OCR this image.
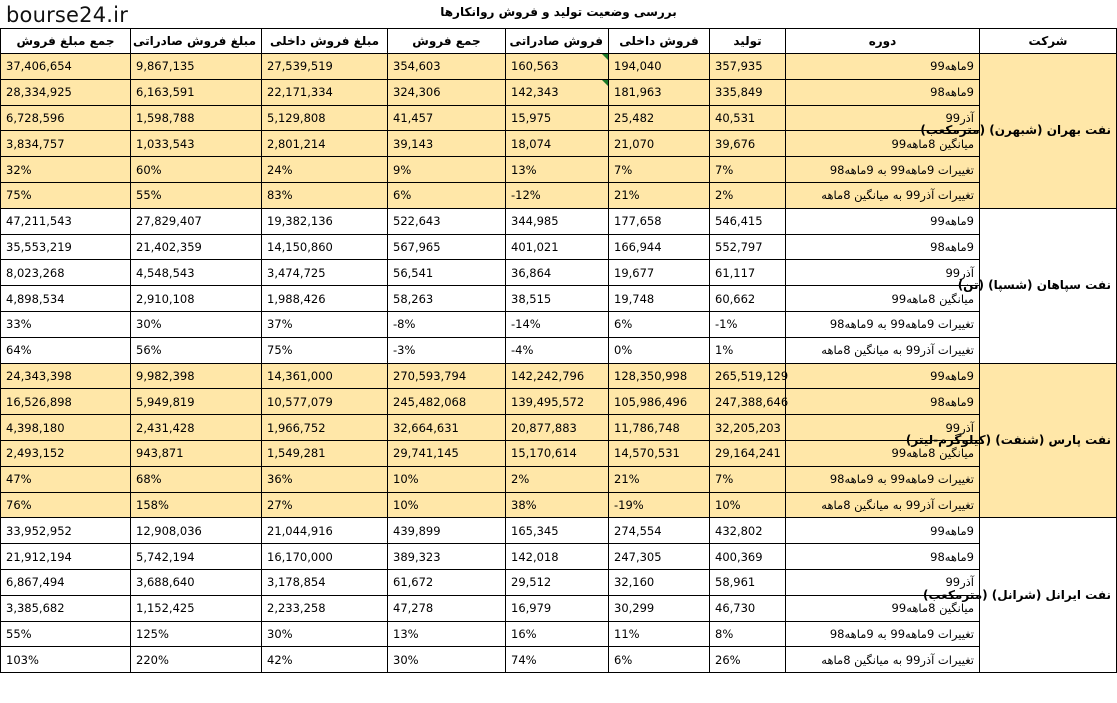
bourse24.ir	بررسی وضعیت تولید و فروش روانکارها
شرکت	دوره	تولید	فروش داخلی	فروش صادراتی	جمع فروش	مبلغ فروش داخلی	مبلغ فروش صادراتی	جمع مبلغ فروش
نفت بهران (شبهرن) (مترمکعب)	9ماهه99	357,935	194,040	160,563	354,603	27,539,519	9,867,135	37,406,654
	9ماهه98	335,849	181,963	142,343	324,306	22,171,334	6,163,591	28,334,925
	آذر99	40,531	25,482	15,975	41,457	5,129,808	1,598,788	6,728,596
	میانگین 8ماهه99	39,676	21,070	18,074	39,143	2,801,214	1,033,543	3,834,757
	تغییرات 9ماهه99 به 9ماهه98	7%	7%	13%	9%	24%	60%	32%
	تغییرات آذر99 به میانگین 8ماهه	2%	21%	-12%	6%	83%	55%	75%
نفت سپاهان (شسپا) (تن)	9ماهه99	546,415	177,658	344,985	522,643	19,382,136	27,829,407	47,211,543
	9ماهه98	552,797	166,944	401,021	567,965	14,150,860	21,402,359	35,553,219
	آذر99	61,117	19,677	36,864	56,541	3,474,725	4,548,543	8,023,268
	میانگین 8ماهه99	60,662	19,748	38,515	58,263	1,988,426	2,910,108	4,898,534
	تغییرات 9ماهه99 به 9ماهه98	-1%	6%	-14%	-8%	37%	30%	33%
	تغییرات آذر99 به میانگین 8ماهه	1%	0%	-4%	-3%	75%	56%	64%
نفت پارس (شنفت) (کیلوگرم-لیتر)	9ماهه99	265,519,129	128,350,998	142,242,796	270,593,794	14,361,000	9,982,398	24,343,398
	9ماهه98	247,388,646	105,986,496	139,495,572	245,482,068	10,577,079	5,949,819	16,526,898
	آذر99	32,205,203	11,786,748	20,877,883	32,664,631	1,966,752	2,431,428	4,398,180
	میانگین 8ماهه99	29,164,241	14,570,531	15,170,614	29,741,145	1,549,281	943,871	2,493,152
	تغییرات 9ماهه99 به 9ماهه98	7%	21%	2%	10%	36%	68%	47%
	تغییرات آذر99 به میانگین 8ماهه	10%	-19%	38%	10%	27%	158%	76%
نفت ایرانل (شرانل) (مترمکعب)	9ماهه99	432,802	274,554	165,345	439,899	21,044,916	12,908,036	33,952,952
	9ماهه98	400,369	247,305	142,018	389,323	16,170,000	5,742,194	21,912,194
	آذر99	58,961	32,160	29,512	61,672	3,178,854	3,688,640	6,867,494
	میانگین 8ماهه99	46,730	30,299	16,979	47,278	2,233,258	1,152,425	3,385,682
	تغییرات 9ماهه99 به 9ماهه98	8%	11%	16%	13%	30%	125%	55%
	تغییرات آذر99 به میانگین 8ماهه	26%	6%	74%	30%	42%	220%	103%
